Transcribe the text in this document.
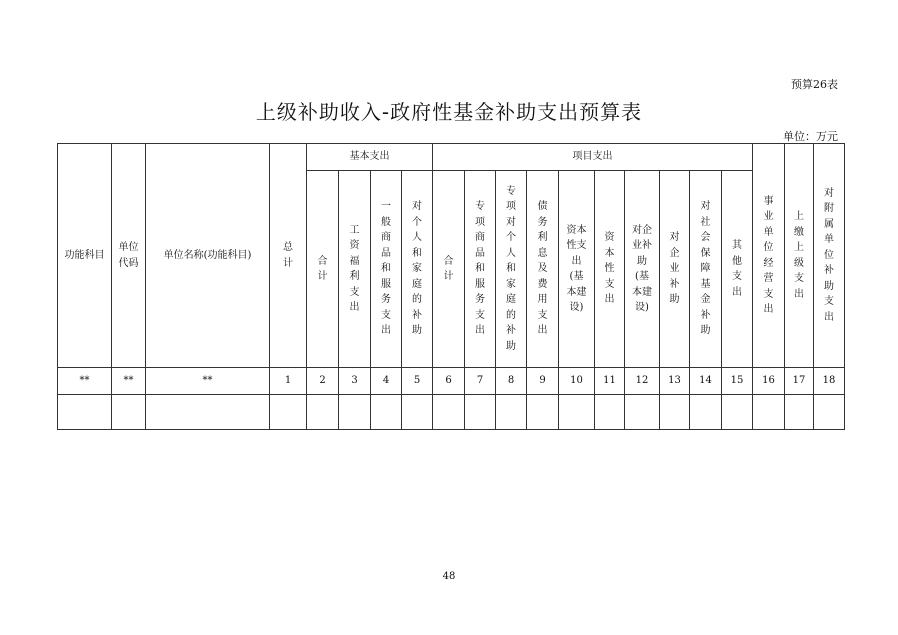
预算26表
上级补助收入-政府性基金补助支出预算表
单位：万元
功能科目	单位代码	单位名称(功能科目)	总计	基本支出				项目支出										事业单位经营支出	上缴上级支出	对附属单位补助支出
				合计	工资福利支出	一般商品和服务支出	对个人和家庭的补助	合计	专项商品和服务支出	专项对个人和家庭的补助	债务利息及费用支出	资本性支出(基本建设)	资本性支出	对企业补助(基本建设)	对企业补助	对社会保障基金补助	其他支出			
**	**	**	1	2	3	4	5	6	7	8	9	10	11	12	13	14	15	16	17	18

48
